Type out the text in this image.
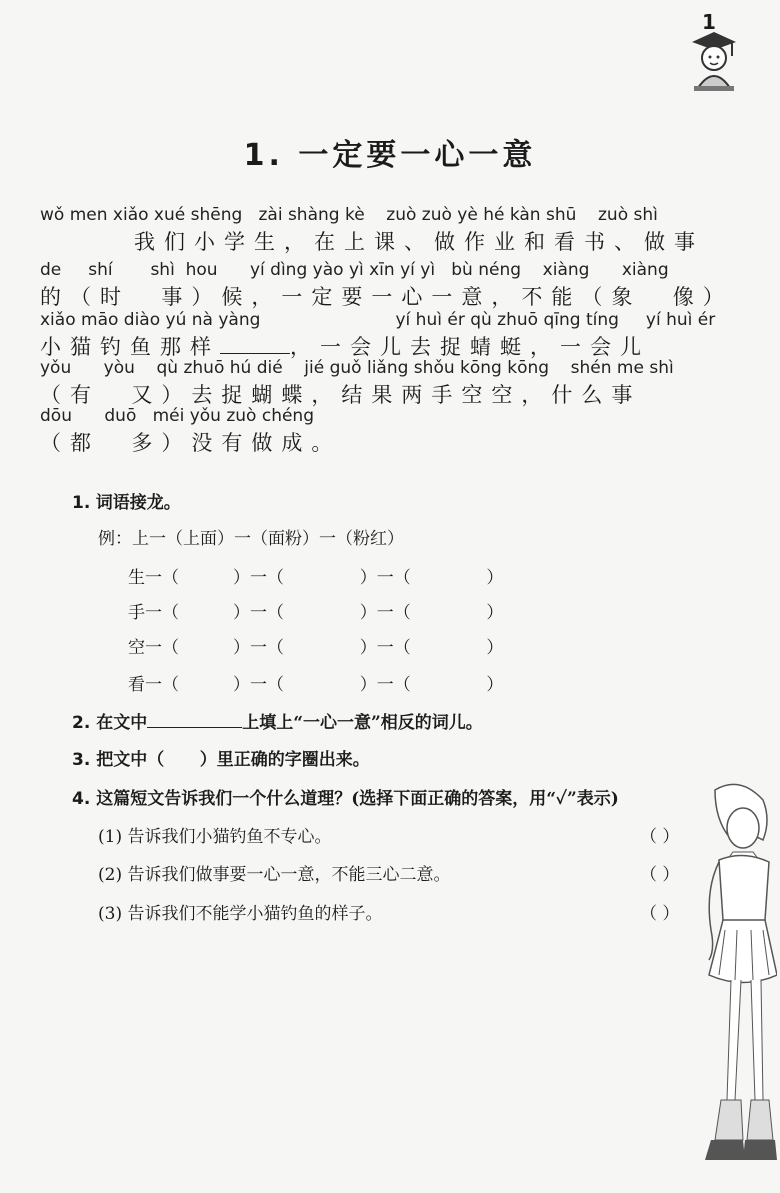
1
1. 一定要一心一意
wǒ men xiǎo xué shēng   zài shàng kè    zuò zuò yè hé kàn shū    zuò shì
我们小学生，在上课、做作业和看书、做事
de     shí       shì  hou      yí dìng yào yì xīn yí yì   bù néng    xiàng      xiàng
的（时  事）候，一定要一心一意，不能（象  像）
xiǎo māo diào yú nà yàng                         yí huì ér qù zhuō qīng tíng     yí huì ér
小猫钓鱼那样	，一会儿去捉蜻蜓，一会儿
yǒu      yòu    qù zhuō hú dié    jié guǒ liǎng shǒu kōng kōng    shén me shì
（有  又）去捉蝴蝶，结果两手空空，什么事
dōu      duō   méi yǒu zuò chéng
（都  多）没有做成。

1. 词语接龙。
例：上一（上面）一（面粉）一（粉红）
生一（          ）一（              ）一（              ）
手一（          ）一（              ）一（              ）
空一（          ）一（              ）一（              ）
看一（          ）一（              ）一（              ）
2. 在文中	上填上“一心一意”相反的词儿。
3. 把文中（      ）里正确的字圈出来。
4. 这篇短文告诉我们一个什么道理？(选择下面正确的答案，用“✓”表示)
(1) 告诉我们小猫钓鱼不专心。	（ ）
(2) 告诉我们做事要一心一意，不能三心二意。	（ ）
(3) 告诉我们不能学小猫钓鱼的样子。	（ ）
